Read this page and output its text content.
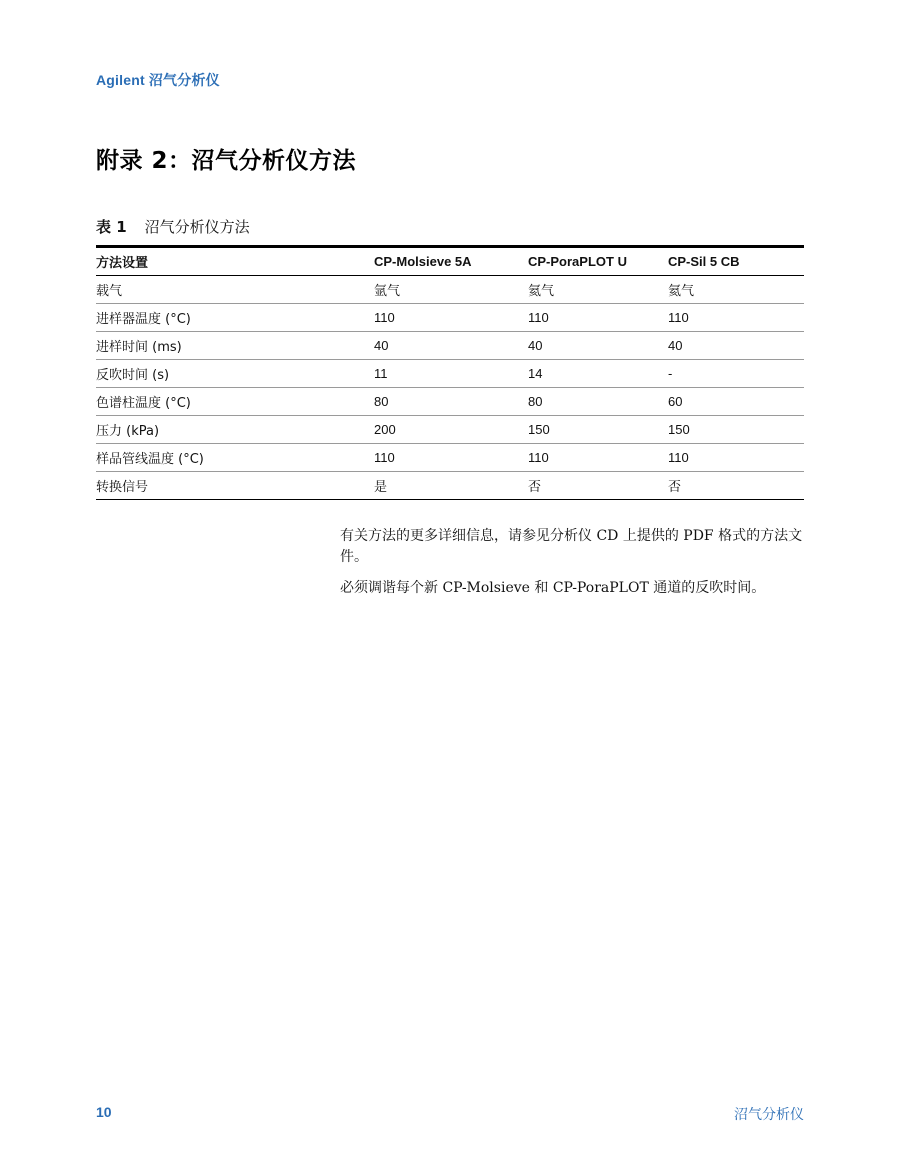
Agilent 沼气分析仪
附录 2：沼气分析仪方法
表 1 沼气分析仪方法
方法设置	CP-Molsieve 5A	CP-PoraPLOT U	CP-Sil 5 CB
载气	氩气	氦气	氦气
进样器温度 (°C)	110	110	110
进样时间 (ms)	40	40	40
反吹时间 (s)	11	14	-
色谱柱温度 (°C)	80	80	60
压力 (kPa)	200	150	150
样品管线温度 (°C)	110	110	110
转换信号	是	否	否

有关方法的更多详细信息，请参见分析仪 CD 上提供的 PDF 格式的方法文件。

必须调谐每个新 CP-Molsieve 和 CP-PoraPLOT 通道的反吹时间。

10	沼气分析仪
